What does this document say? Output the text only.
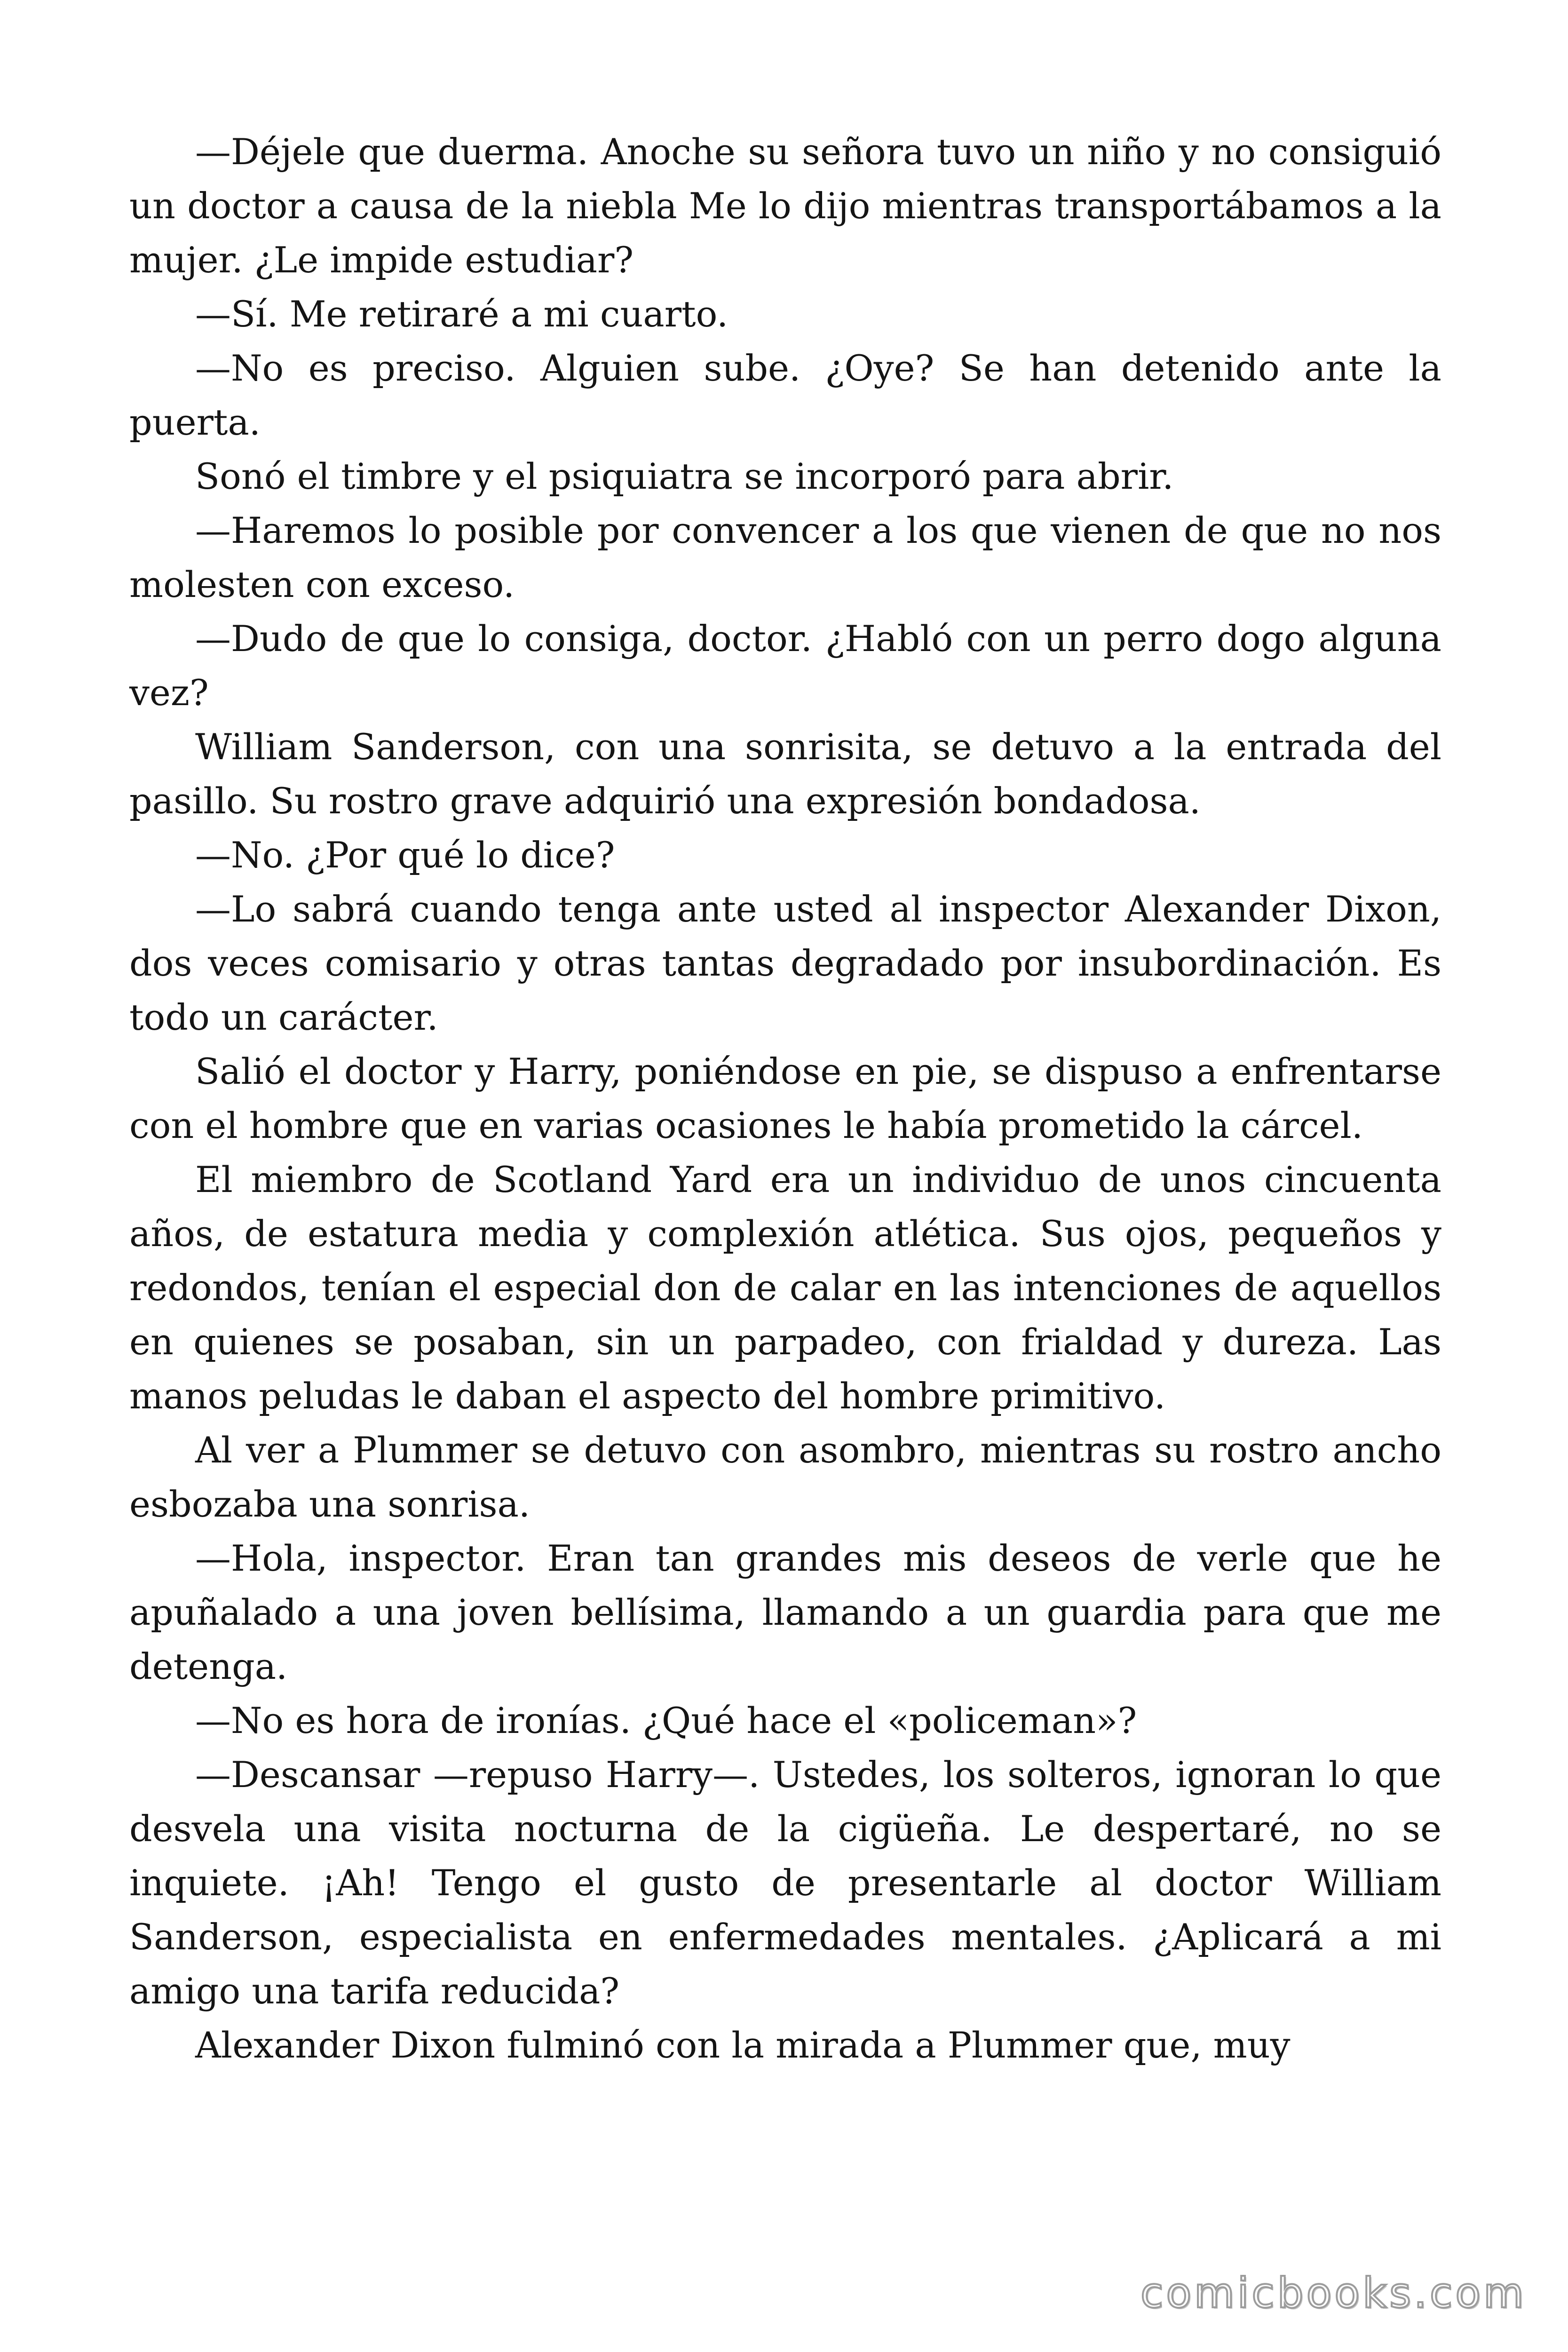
—Déjele que duerma. Anoche su señora tuvo un niño y no consiguió un doctor a causa de la niebla Me lo dijo mientras transportábamos a la mujer. ¿Le impide estudiar?

—Sí. Me retiraré a mi cuarto.

—No es preciso. Alguien sube. ¿Oye? Se han detenido ante la puerta.

Sonó el timbre y el psiquiatra se incorporó para abrir.

—Haremos lo posible por convencer a los que vienen de que no nos molesten con exceso.

—Dudo de que lo consiga, doctor. ¿Habló con un perro dogo alguna vez?

William Sanderson, con una sonrisita, se detuvo a la entrada del pasillo. Su rostro grave adquirió una expresión bondadosa.

—No. ¿Por qué lo dice?

—Lo sabrá cuando tenga ante usted al inspector Alexander Dixon, dos veces comisario y otras tantas degradado por insubordinación. Es todo un carácter.

Salió el doctor y Harry, poniéndose en pie, se dispuso a enfrentarse con el hombre que en varias ocasiones le había prometido la cárcel.

El miembro de Scotland Yard era un individuo de unos cincuenta años, de estatura media y complexión atlética. Sus ojos, pequeños y redondos, tenían el especial don de calar en las intenciones de aquellos en quienes se posaban, sin un parpadeo, con frialdad y dureza. Las manos peludas le daban el aspecto del hombre primitivo.

Al ver a Plummer se detuvo con asombro, mientras su rostro ancho esbozaba una sonrisa.

—Hola, inspector. Eran tan grandes mis deseos de verle que he apuñalado a una joven bellísima, llamando a un guardia para que me detenga.

—No es hora de ironías. ¿Qué hace el «policeman»?

—Descansar —repuso Harry—. Ustedes, los solteros, ignoran lo que desvela una visita nocturna de la cigüeña. Le despertaré, no se inquiete. ¡Ah! Tengo el gusto de presentarle al doctor William Sanderson, especialista en enfermedades mentales. ¿Aplicará a mi amigo una tarifa reducida?

Alexander Dixon fulminó con la mirada a Plummer que, muy

comicbooks.com
